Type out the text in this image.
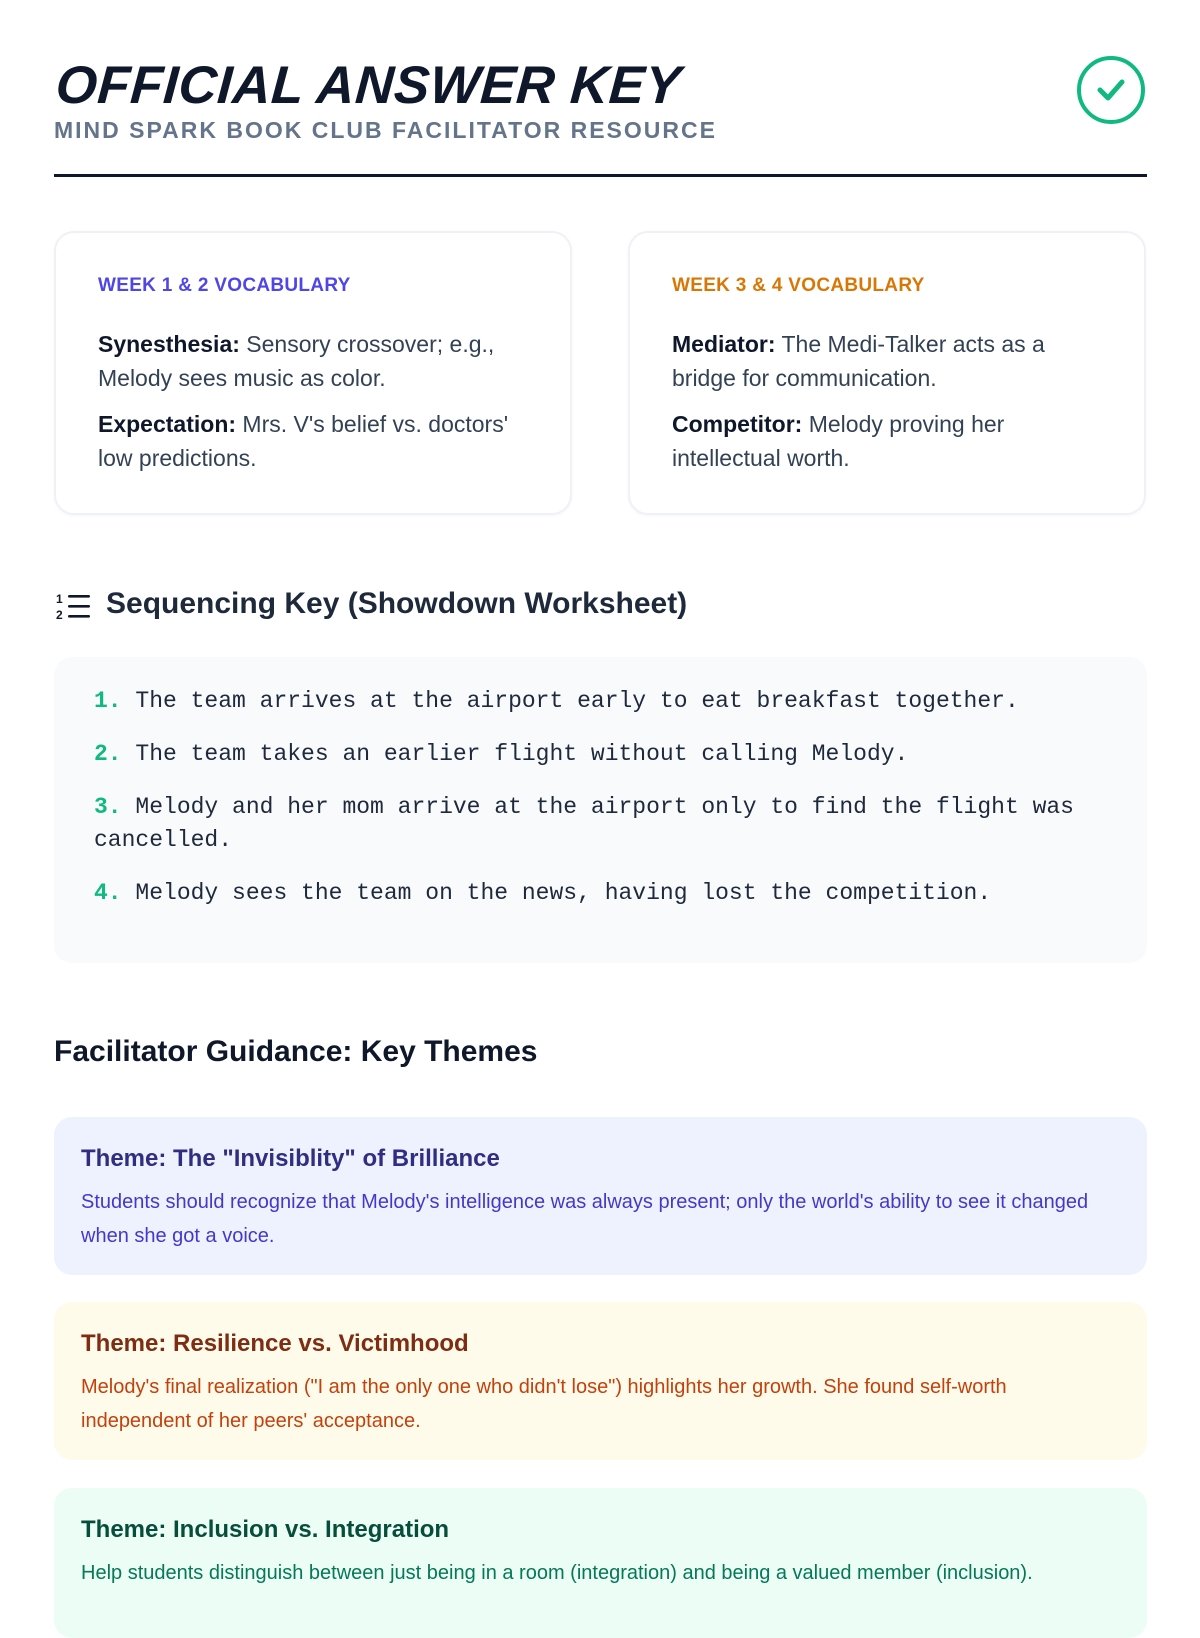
OFFICIAL ANSWER KEY

MIND SPARK BOOK CLUB FACILITATOR RESOURCE

WEEK 1 & 2 VOCABULARY

Synesthesia: Sensory crossover; e.g., Melody sees music as color.

Expectation: Mrs. V's belief vs. doctors' low predictions.

WEEK 3 & 4 VOCABULARY

Mediator: The Medi-Talker acts as a bridge for communication.

Competitor: Melody proving her intellectual worth.

1
2 Sequencing Key (Showdown Worksheet)

1. The team arrives at the airport early to eat breakfast together.

2. The team takes an earlier flight without calling Melody.

3. Melody and her mom arrive at the airport only to find the flight was cancelled.

4. Melody sees the team on the news, having lost the competition.

Facilitator Guidance: Key Themes
Theme: The "Invisiblity" of Brilliance

Students should recognize that Melody's intelligence was always present; only the world's ability to see it changed when she got a voice.

Theme: Resilience vs. Victimhood

Melody's final realization ("I am the only one who didn't lose") highlights her growth. She found self-worth independent of her peers' acceptance.

Theme: Inclusion vs. Integration

Help students distinguish between just being in a room (integration) and being a valued member (inclusion).
